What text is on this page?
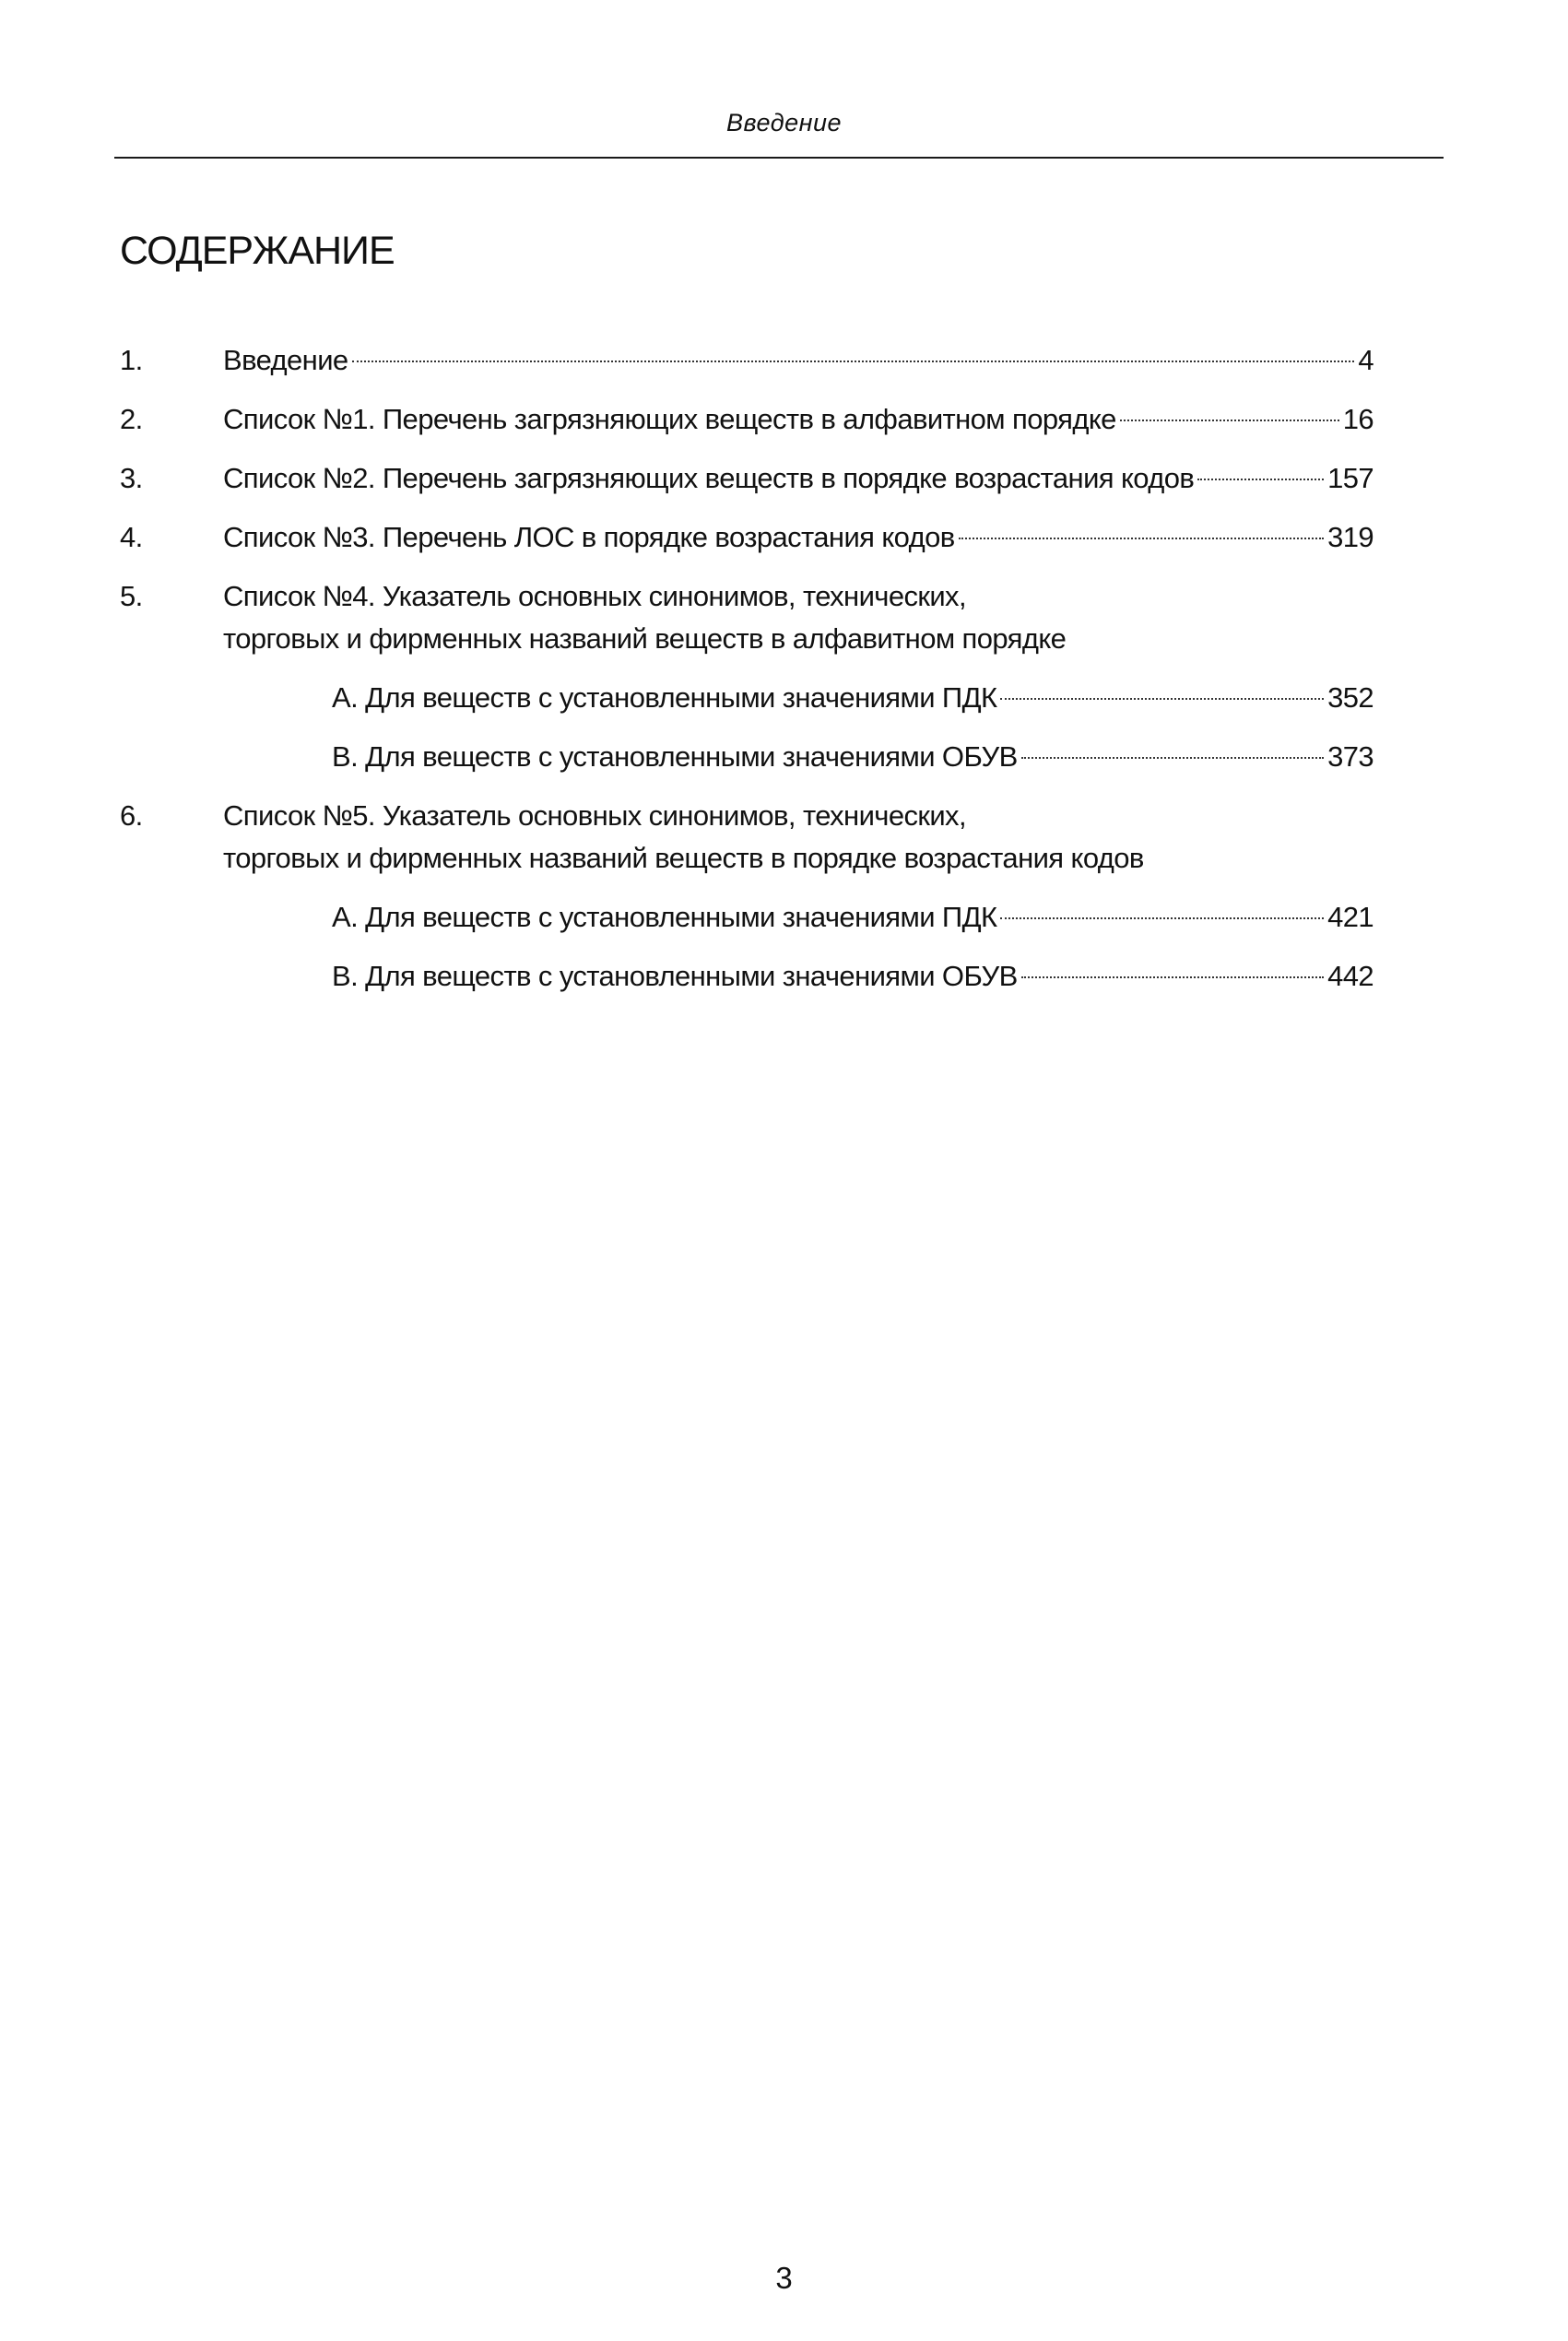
Введение
СОДЕРЖАНИЕ
1.	Введение	4
2.	Список №1. Перечень загрязняющих веществ в алфавитном порядке	16
3.	Список №2. Перечень загрязняющих веществ в порядке возрастания кодов	157
4.	Список №3. Перечень ЛОС в порядке возрастания кодов	319
5.	Список №4. Указатель основных синонимов, технических,
торговых и фирменных названий веществ в алфавитном порядке
А. Для веществ с установленными значениями ПДК	352
В. Для веществ с установленными значениями ОБУВ	373
6.	Список №5. Указатель основных синонимов, технических,
торговых и фирменных названий веществ в порядке возрастания кодов
А. Для веществ с установленными значениями ПДК	421
В. Для веществ с установленными значениями ОБУВ	442
3
